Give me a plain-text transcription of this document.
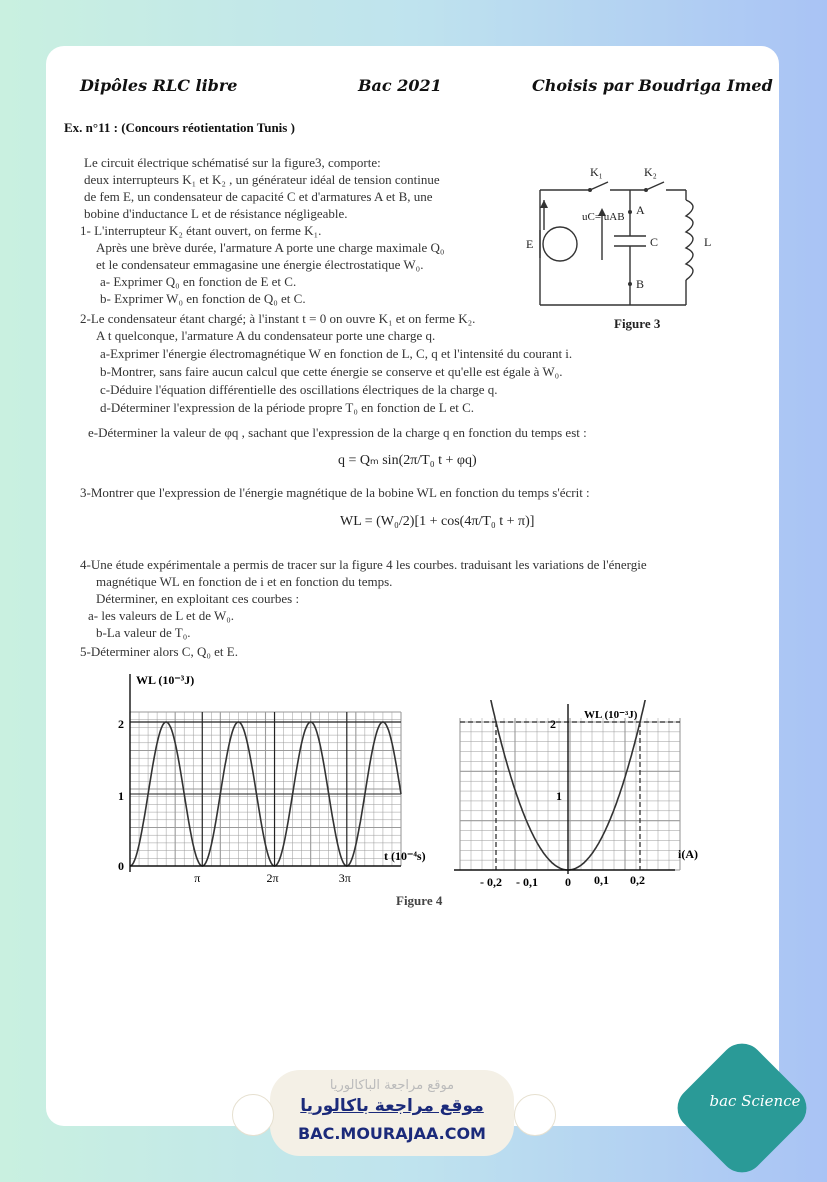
Dipôles RLC libre	Bac 2021	Choisis par Boudriga Imed
Ex. n°11 : (Concours réotientation Tunis )
Le circuit électrique schématisé sur la figure3, comporte:
deux interrupteurs K₁ et K₂ , un générateur idéal de tension continue
de fem E, un condensateur de capacité C et d'armatures A et B, une
bobine d'inductance L et de résistance négligeable.
1- L'interrupteur K₂ étant ouvert, on ferme K₁.
Après une brève durée, l'armature A porte une charge maximale Q₀
et le condensateur emmagasine une énergie électrostatique W₀.
a- Exprimer Q₀ en fonction de E et C.
b- Exprimer W₀ en fonction de Q₀ et C.
2-Le condensateur étant chargé; à l'instant t = 0 on ouvre K₁ et on ferme K₂.
A t quelconque, l'armature A du condensateur porte une charge q.
a-Exprimer l'énergie électromagnétique W en fonction de L, C, q et l'intensité du courant i.
b-Montrer, sans faire aucun calcul que cette énergie se conserve et qu'elle est égale à W₀.
c-Déduire l'équation différentielle des oscillations électriques de la charge q.
d-Déterminer l'expression de la période propre T₀ en fonction de L et C.
e-Déterminer la valeur de φq , sachant que l'expression de la charge q en fonction du temps est :
q = Qₘ sin(2π/T₀ t + φq)
3-Montrer que l'expression de l'énergie magnétique de la bobine WL en fonction du temps s'écrit :
WL = (W₀/2)[1 + cos(4π/T₀ t + π)]
4-Une étude expérimentale a permis de tracer sur la figure 4 les courbes. traduisant les variations de l'énergie
magnétique WL en fonction de i et en fonction du temps.
Déterminer, en exploitant ces courbes :
a- les valeurs de L et de W₀.
b-La valeur de T₀.
5-Déterminer alors C, Q₀ et E.
K₁	K₂
E
uC= uAB A
B
C	L
Figure 3
WL (10⁻³J)
t (10⁻⁴s)
π	2π	3π
0
1
2
WL (10⁻³J)
i(A)
- 0,2 - 0,1 0 0,1 0,2
1
2
Figure 4
موقع مراجعة الباكالوريا
موقع مراجعة باكالوريا
BAC.MOURAJAA.COM
b
bac Science
